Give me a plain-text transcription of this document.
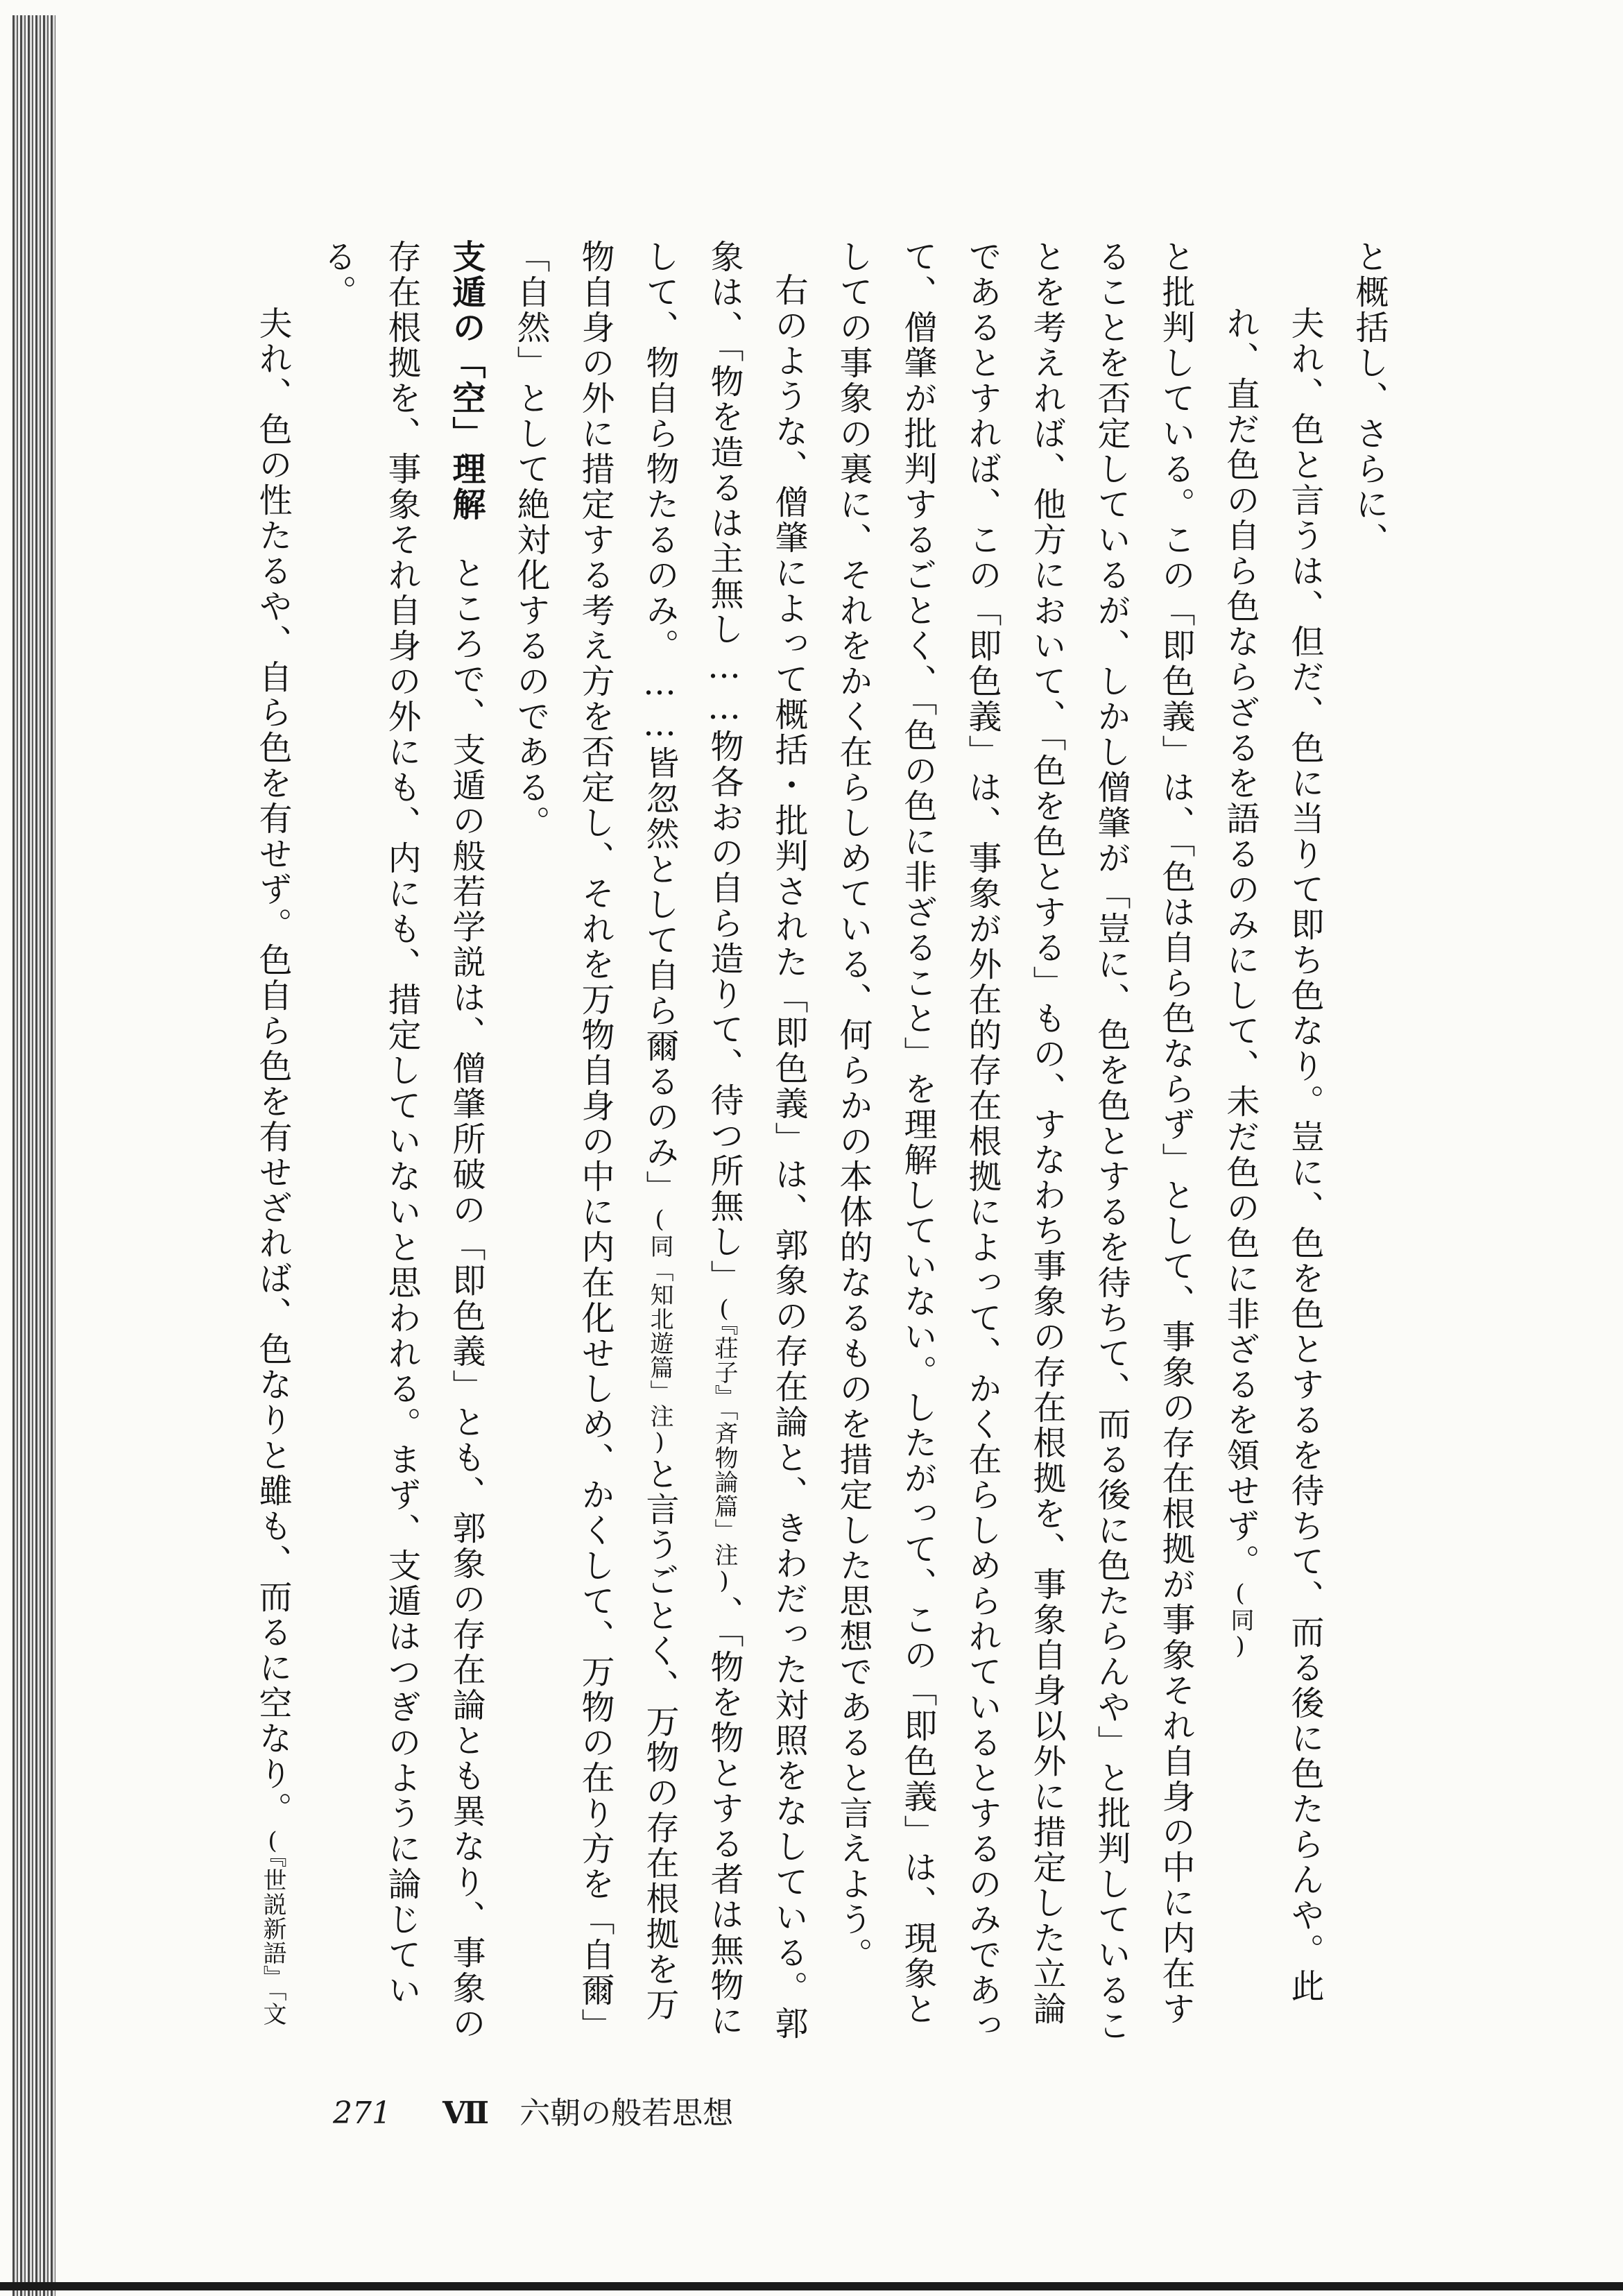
と概括し、さらに、

夫れ、色と言うは、但だ、色に当りて即ち色なり。豈に、色を色とするを待ちて、而る後に色たらんや。此れ、直だ色の自ら色ならざるを語るのみにして、未だ色の色に非ざるを領せず。(同)

と批判している。この「即色義」は、「色は自ら色ならず」として、事象の存在根拠が事象それ自身の中に内在することを否定しているが、しかし僧肇が「豈に、色を色とするを待ちて、而る後に色たらんや」と批判していることを考えれば、他方において、「色を色とする」もの、すなわち事象の存在根拠を、事象自身以外に措定した立論であるとすれば、この「即色義」は、事象が外在的存在根拠によって、かく在らしめられているとするのみであって、僧肇が批判するごとく、「色の色に非ざること」を理解していない。したがって、この「即色義」は、現象としての事象の裏に、それをかく在らしめている、何らかの本体的なるものを措定した思想であると言えよう。

右のような、僧肇によって概括・批判された「即色義」は、郭象の存在論と、きわだった対照をなしている。郭象は、「物を造るは主無し……物各おの自ら造りて、待つ所無し」(『荘子』「斉物論篇」注)、「物を物とする者は無物にして、物自ら物たるのみ。……皆忽然として自ら爾るのみ」(同「知北遊篇」注)と言うごとく、万物の存在根拠を万物自身の外に措定する考え方を否定し、それを万物自身の中に内在化せしめ、かくして、万物の在り方を「自爾」「自然」として絶対化するのである。

支遁の「空」理解ところで、支遁の般若学説は、僧肇所破の「即色義」とも、郭象の存在論とも異なり、事象の存在根拠を、事象それ自身の外にも、内にも、措定していないと思われる。まず、支遁はつぎのように論じている。

夫れ、色の性たるや、自ら色を有せず。色自ら色を有せざれば、色なりと雖も、而るに空なり。(『世説新語』「文

271 Ⅶ 六朝の般若思想
